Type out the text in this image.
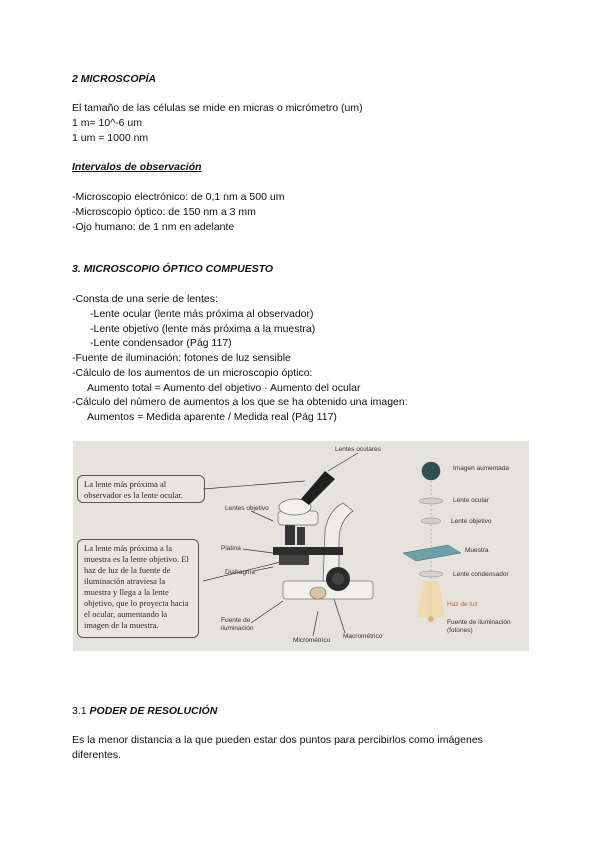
2 MICROSCOPÍA
El tamaño de las células se mide en micras o micrómetro (um)
1 m= 10^-6 um
1 um = 1000 nm
Intervalos de observación
-Microscopio electrónico: de 0,1 nm a 500 um
-Microscopio óptico: de 150 nm a 3 mm
-Ojo humano: de 1 nm en adelante
3. MICROSCOPIO ÓPTICO COMPUESTO
-Consta de una serie de lentes:
-Lente ocular (lente más próxima al observador)
-Lente objetivo (lente más próxima a la muestra)
-Lente condensador (Pág 117)
-Fuente de iluminación: fotones de luz sensible
-Cálculo de los aumentos de un microscopio óptico:
Aumento total = Aumento del objetivo · Aumento del ocular
-Cálculo del número de aumentos a los que se ha obtenido una imagen:
Aumentos = Medida aparente / Medida real (Pág 117)
La lente más próxima al observador es la lente ocular.
La lente más próxima a la muestra es la lente objetivo. El haz de luz de la fuente de iluminación atraviesa la muestra y llega a la lente objetivo, que lo proyecta hacia el ocular, aumentando la imagen de la muestra.
Lentes oculares
Lentes objetivo
Platina
Diafragma
Fuente de iluminación
Micrométrico
Macrométrico
Imagen aumentada
Lente ocular
Lente objetivo
Muestra
Lente condensador
Haz de luz
Fuente de iluminación (fotones)
3.1 PODER DE RESOLUCIÓN
Es la menor distancia a la que pueden estar dos puntos para percibirlos como imágenes
diferentes.
